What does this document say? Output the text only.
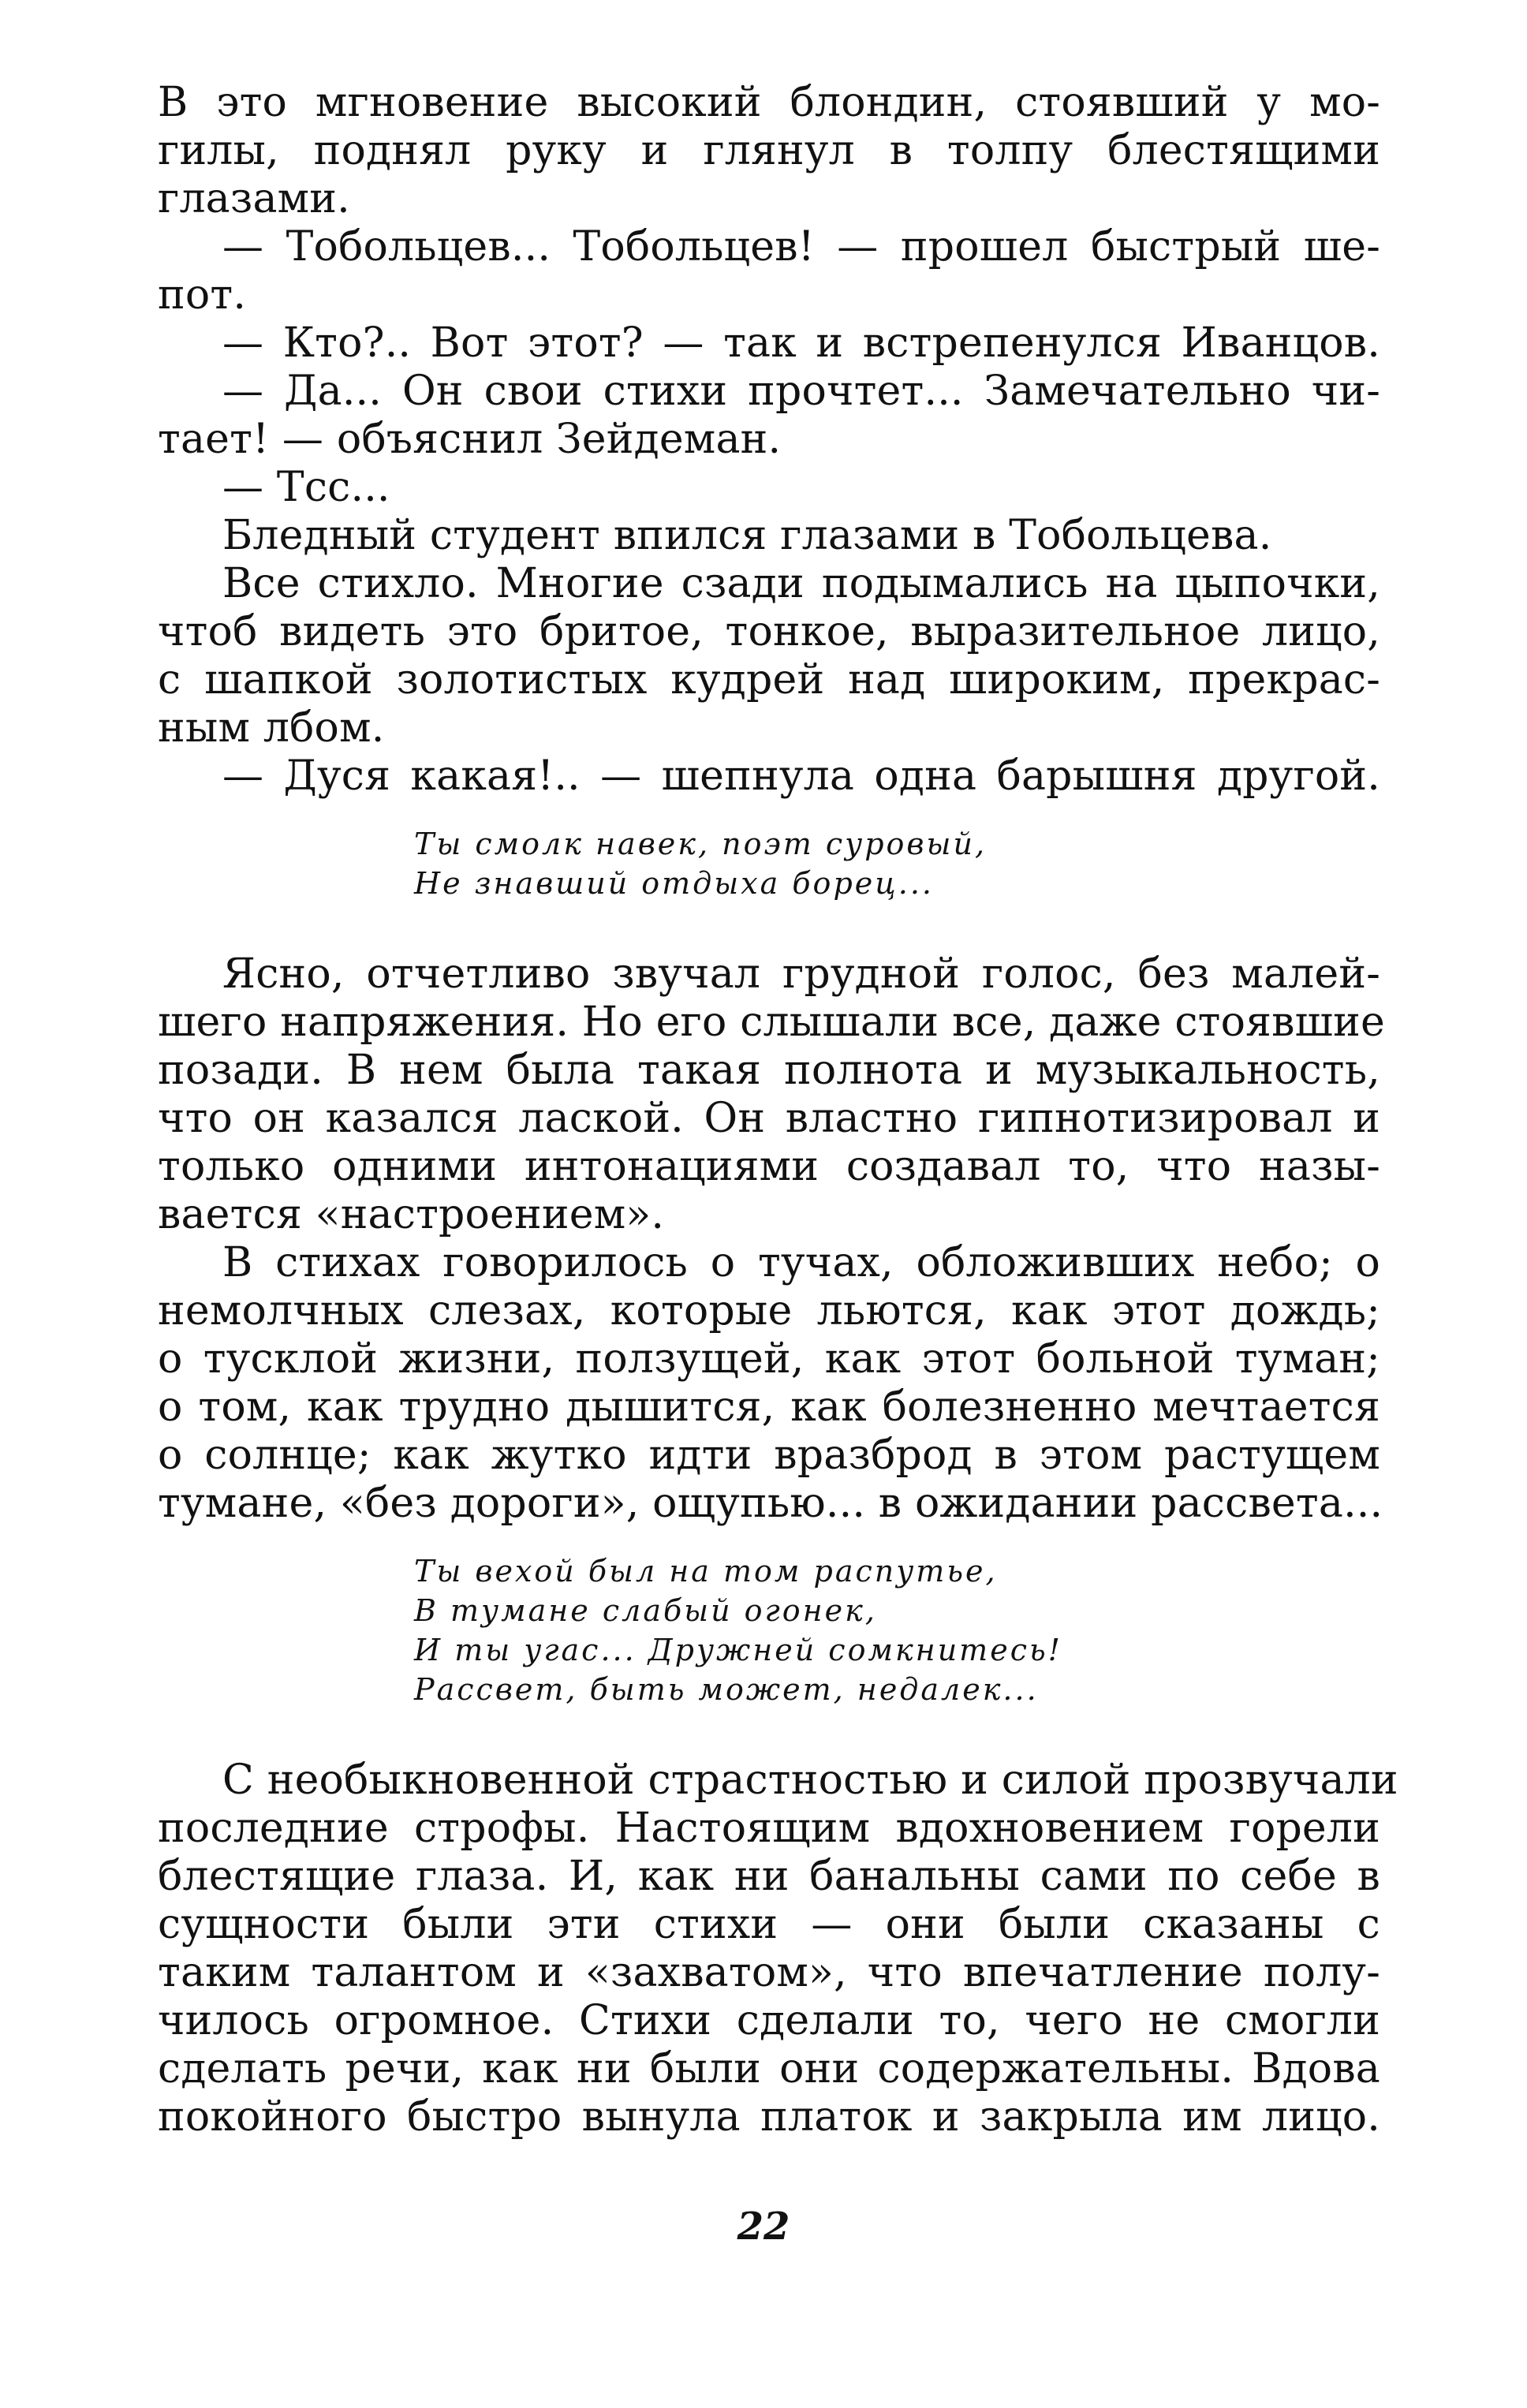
В это мгновение высокий блондин, стоявший у мо-
гилы, поднял руку и глянул в толпу блестящими
глазами.
— Тобольцев... Тобольцев! — прошел быстрый ше-
пот.
— Кто?.. Вот этот? — так и встрепенулся Иванцов.
— Да... Он свои стихи прочтет... Замечательно чи-
тает! — объяснил Зейдеман.
— Тсс...
Бледный студент впился глазами в Тобольцева.
Все стихло. Многие сзади подымались на цыпочки,
чтоб видеть это бритое, тонкое, выразительное лицо,
с шапкой золотистых кудрей над широким, прекрас-
ным лбом.
— Дуся какая!.. — шепнула одна барышня другой.
Ты смолк навек, поэт суровый,
Не знавший отдыха борец...
Ясно, отчетливо звучал грудной голос, без малей-
шего напряжения. Но его слышали все, даже стоявшие
позади. В нем была такая полнота и музыкальность,
что он казался лаской. Он властно гипнотизировал и
только одними интонациями создавал то, что назы-
вается «настроением».
В стихах говорилось о тучах, обложивших небо; о
немолчных слезах, которые льются, как этот дождь;
о тусклой жизни, ползущей, как этот больной туман;
о том, как трудно дышится, как болезненно мечтается
о солнце; как жутко идти вразброд в этом растущем
тумане, «без дороги», ощупью... в ожидании рассвета...
Ты вехой был на том распутье,
В тумане слабый огонек,
И ты угас... Дружней сомкнитесь!
Рассвет, быть может, недалек...
С необыкновенной страстностью и силой прозвучали
последние строфы. Настоящим вдохновением горели
блестящие глаза. И, как ни банальны сами по себе в
сущности были эти стихи — они были сказаны с
таким талантом и «захватом», что впечатление полу-
чилось огромное. Стихи сделали то, чего не смогли
сделать речи, как ни были они содержательны. Вдова
покойного быстро вынула платок и закрыла им лицо.
22
